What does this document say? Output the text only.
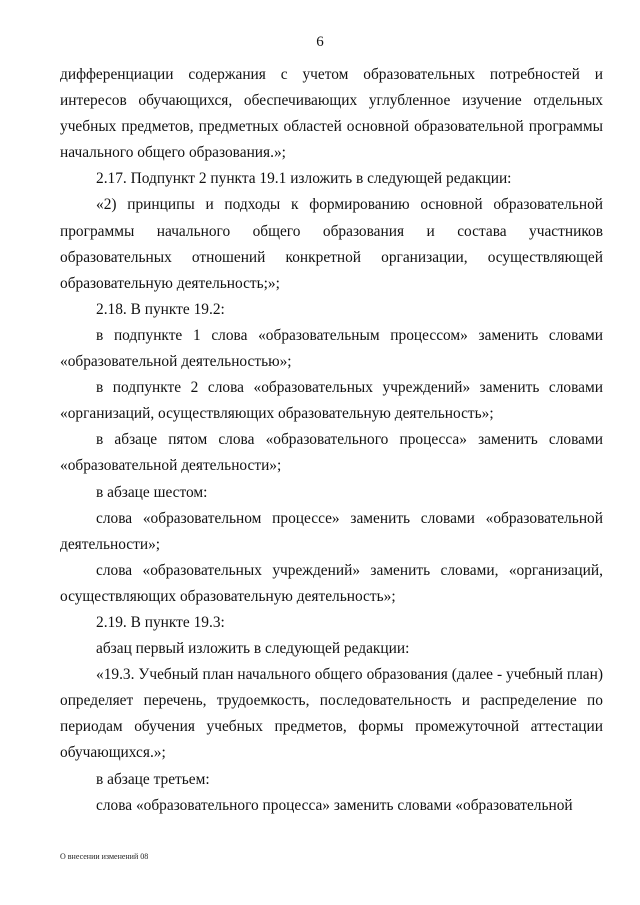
6

дифференциации содержания с учетом образовательных потребностей и интересов обучающихся, обеспечивающих углубленное изучение отдельных учебных предметов, предметных областей основной образовательной программы начального общего образования.»;

2.17. Подпункт 2 пункта 19.1 изложить в следующей редакции:

«2) принципы и подходы к формированию основной образовательной программы начального общего образования и состава участников образовательных отношений конкретной организации, осуществляющей образовательную деятельность;»;

2.18. В пункте 19.2:

в подпункте 1 слова «образовательным процессом» заменить словами «образовательной деятельностью»;

в подпункте 2 слова «образовательных учреждений» заменить словами «организаций, осуществляющих образовательную деятельность»;

в абзаце пятом слова «образовательного процесса» заменить словами «образовательной деятельности»;

в абзаце шестом:

слова «образовательном процессе» заменить словами «образовательной деятельности»;

слова «образовательных учреждений» заменить словами, «организаций, осуществляющих образовательную деятельность»;

2.19. В пункте 19.3:

абзац первый изложить в следующей редакции:

«19.3. Учебный план начального общего образования (далее - учебный план) определяет перечень, трудоемкость, последовательность и распределение по периодам обучения учебных предметов, формы промежуточной аттестации обучающихся.»;

в абзаце третьем:

слова «образовательного процесса» заменить словами «образовательной

О внесении изменений 08
